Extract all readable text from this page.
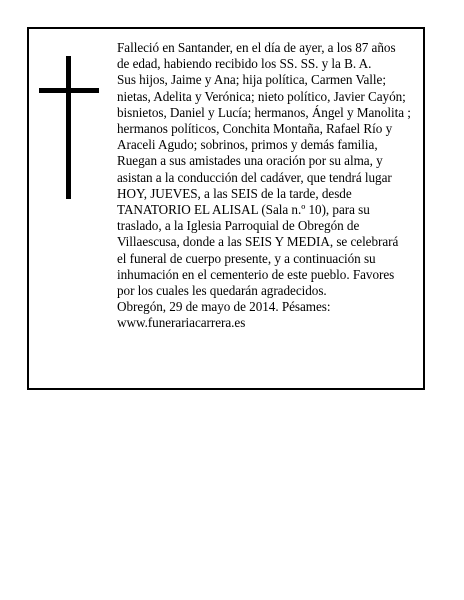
Falleció en Santander, en el día de ayer, a los 87 años
de edad, habiendo recibido los SS. SS. y la B. A.
Sus hijos, Jaime y Ana; hija política, Carmen Valle;
nietas, Adelita y Verónica; nieto político, Javier Cayón;
bisnietos, Daniel y Lucía; hermanos, Ángel y Manolita ;
hermanos políticos, Conchita Montaña, Rafael Río y
Araceli Agudo; sobrinos, primos y demás familia,
Ruegan a sus amistades una oración por su alma, y
asistan a la conducción del cadáver, que tendrá lugar
HOY, JUEVES, a las SEIS de la tarde, desde
TANATORIO EL ALISAL (Sala n.º 10), para su
traslado, a la Iglesia Parroquial de Obregón de
Villaescusa, donde a las SEIS Y MEDIA, se celebrará
el funeral de cuerpo presente, y a continuación su
inhumación en el cementerio de este pueblo. Favores
por los cuales les quedarán agradecidos.
Obregón, 29 de mayo de 2014. Pésames:
www.funerariacarrera.es
